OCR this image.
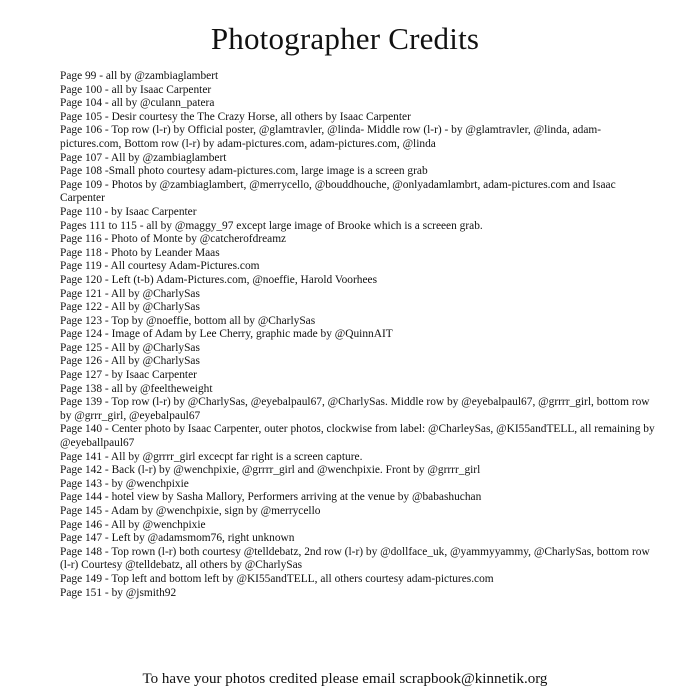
Photographer Credits
Page 99 - all by @zambiaglambert
Page 100 - all by Isaac Carpenter
Page 104 - all by @culann_patera
Page 105 - Desir courtesy the The Crazy Horse, all others by Isaac Carpenter
Page 106 - Top row (l-r) by Official poster, @glamtravler, @linda- Middle row (l-r) - by @glamtravler, @linda, adam-pictures.com, Bottom row (l-r) by adam-pictures.com, adam-pictures.com, @linda
Page 107 - All by @zambiaglambert
Page 108 -Small photo courtesy adam-pictures.com, large image is a screen grab
Page 109 - Photos by @zambiaglambert, @merrycello, @bouddhouche, @onlyadamlambrt, adam-pictures.com and Isaac Carpenter
Page 110 - by Isaac Carpenter
Pages 111 to 115 - all by @maggy_97 except large image of Brooke which is a screeen grab.
Page 116 - Photo of Monte by @catcherofdreamz
Page 118 - Photo by Leander Maas
Page 119 - All courtesy Adam-Pictures.com
Page 120 - Left (t-b) Adam-Pictures.com, @noeffie, Harold Voorhees
Page 121 - All by @CharlySas
Page 122 - All by @CharlySas
Page 123 - Top by @noeffie, bottom all by @CharlySas
Page 124 - Image of Adam by Lee Cherry, graphic made by @QuinnAIT
Page 125 - All by @CharlySas
Page 126 - All by @CharlySas
Page 127 - by Isaac Carpenter
Page 138 - all by @feeltheweight
Page 139 - Top row (l-r) by @CharlySas, @eyebalpaul67, @CharlySas. Middle row by @eyebalpaul67, @grrrr_girl, bottom row by @grrr_girl, @eyebalpaul67
Page 140 - Center photo by Isaac Carpenter, outer photos, clockwise from label: @CharleySas, @KI55andTELL, all remaining by @eyeballpaul67
Page 141 - All by @grrrr_girl excecpt far right is a screen capture.
Page 142 - Back (l-r) by @wenchpixie, @grrrr_girl and @wenchpixie. Front by @grrrr_girl
Page 143 - by @wenchpixie
Page 144 - hotel view by Sasha Mallory, Performers arriving at the venue by @babashuchan
Page 145 - Adam by @wenchpixie, sign by @merrycello
Page 146 - All by @wenchpixie
Page 147 - Left by @adamsmom76, right unknown
Page 148 - Top rown (l-r) both courtesy @telldebatz, 2nd row (l-r) by @dollface_uk, @yammyyammy, @CharlySas, bottom row (l-r) Courtesy @telldebatz, all others by @CharlySas
Page 149 - Top left and bottom left by @KI55andTELL, all others courtesy adam-pictures.com
Page 151 - by @jsmith92
To have your photos credited please email scrapbook@kinnetik.org
